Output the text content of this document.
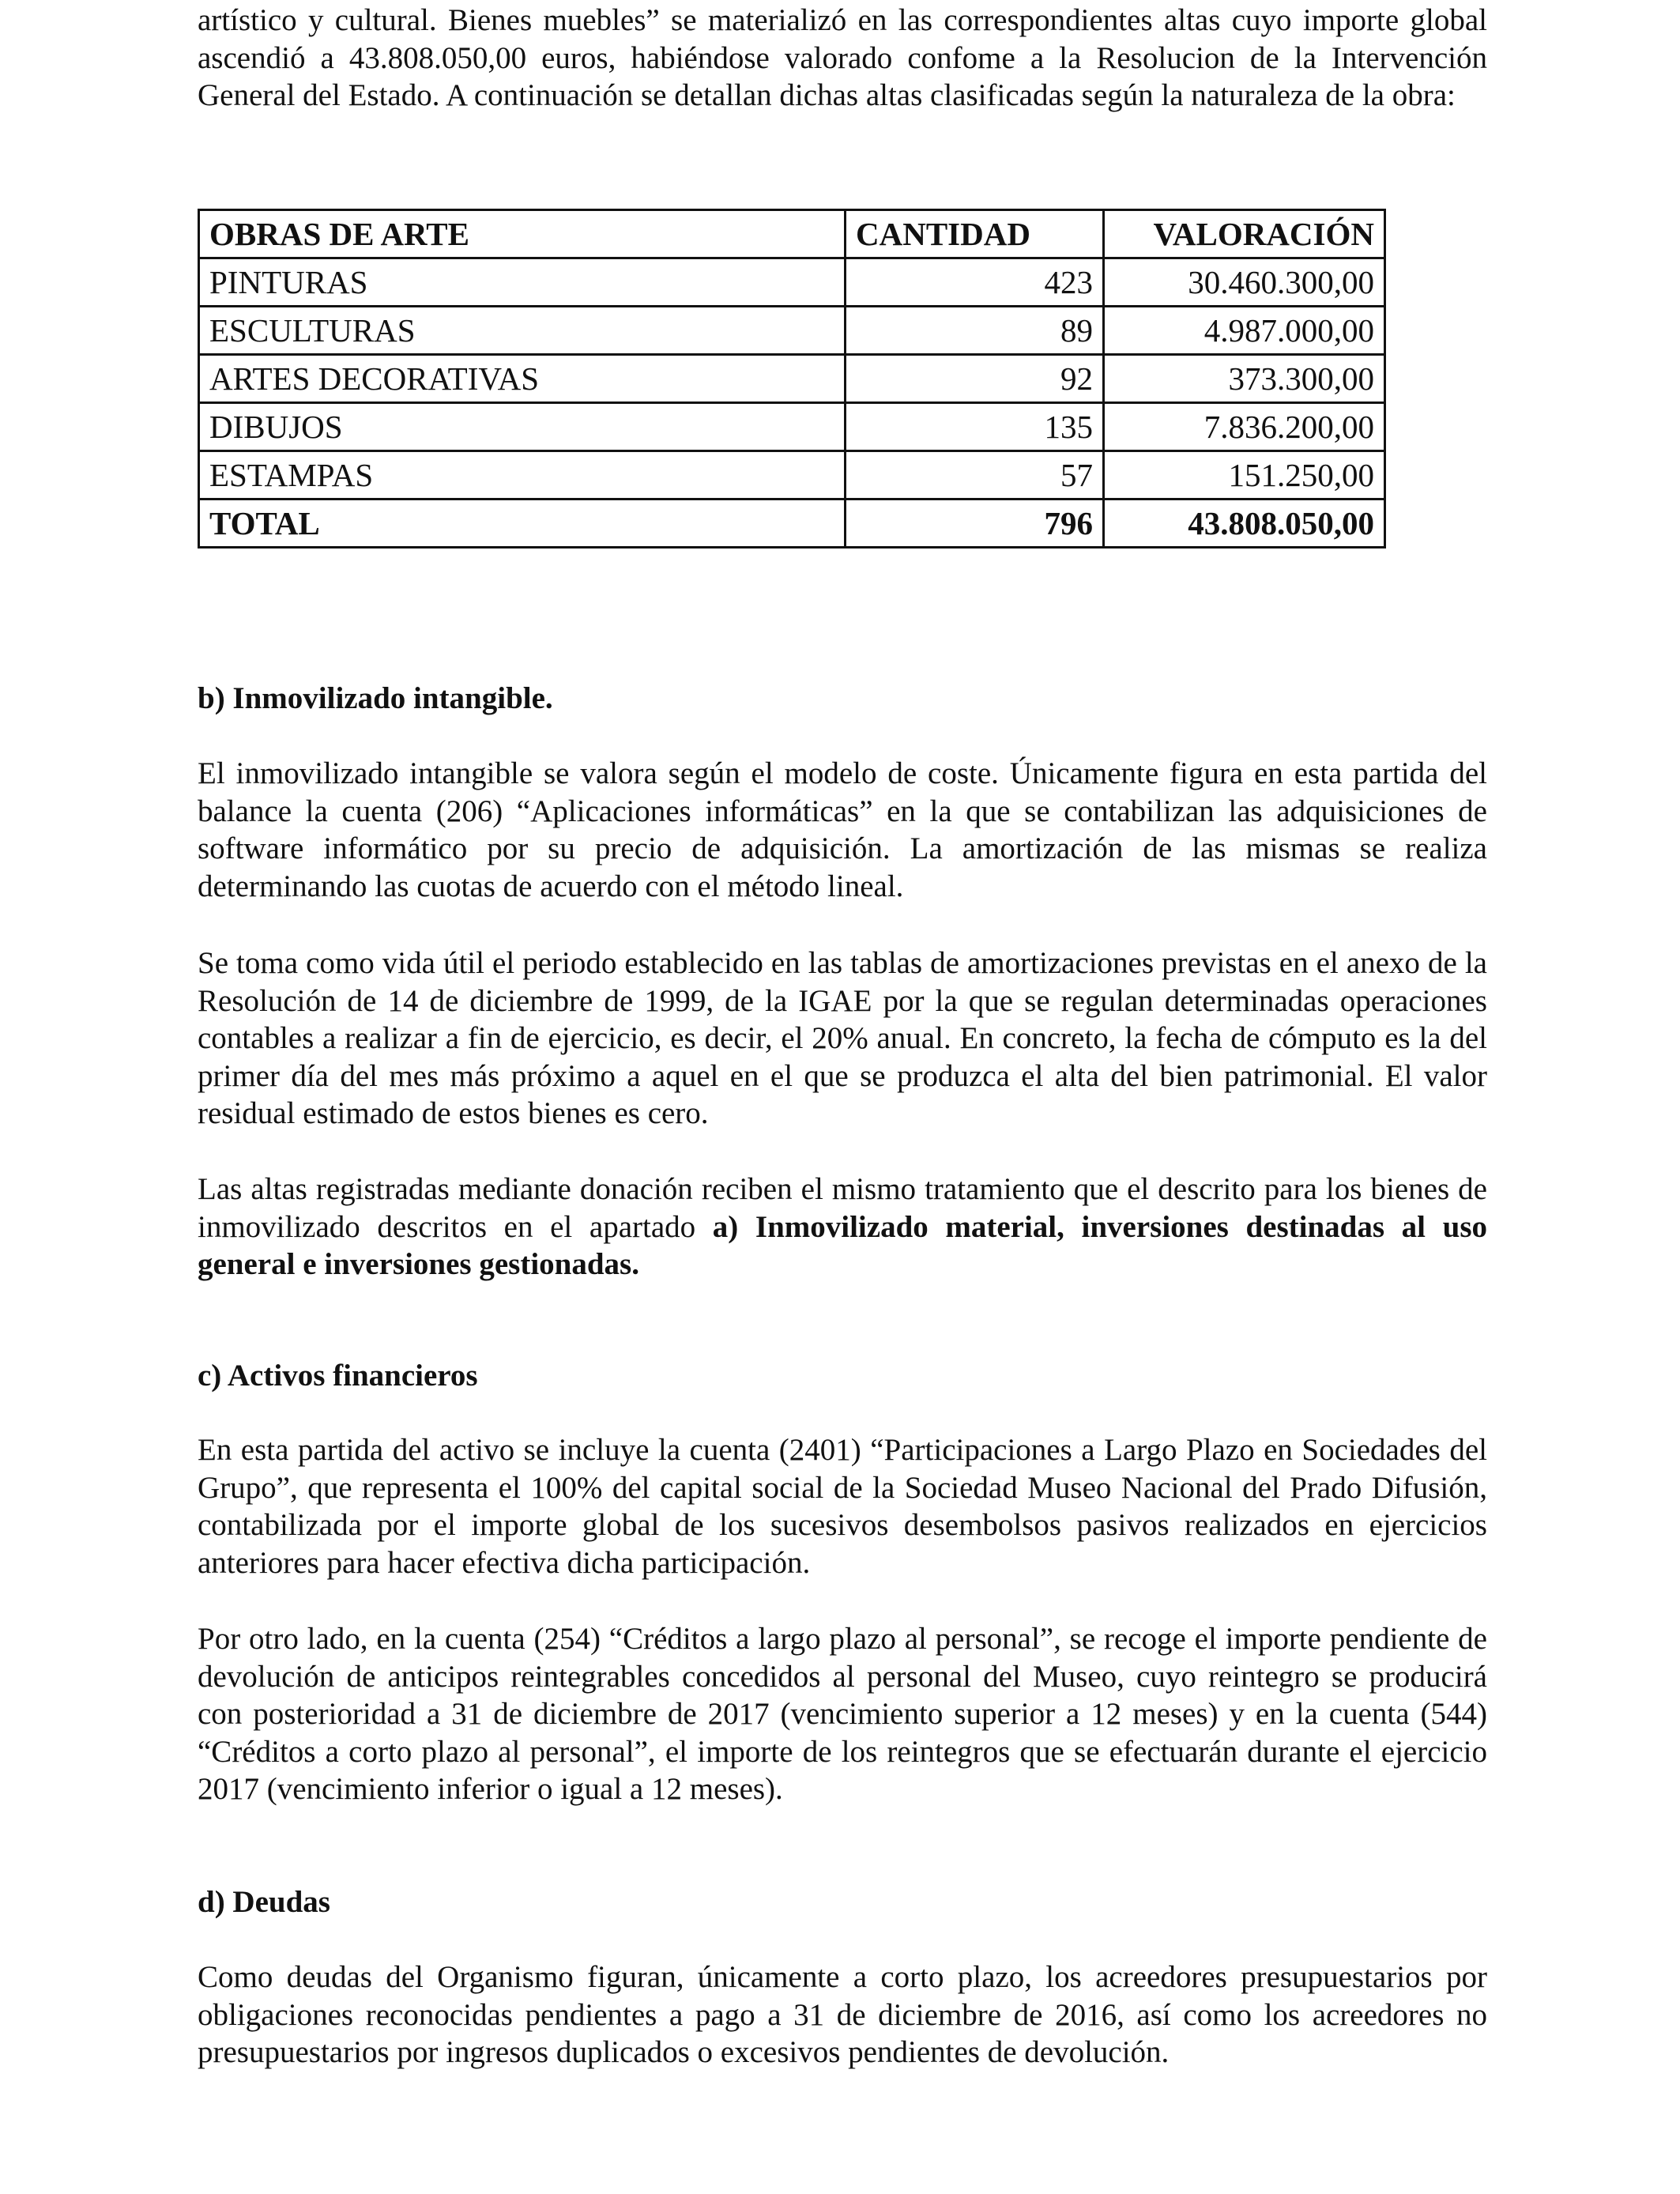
artístico y cultural. Bienes muebles” se materializó en las correspondientes altas cuyo importe global ascendió a 43.808.050,00 euros, habiéndose valorado confome a la Resolucion de la Intervención General del Estado. A continuación se detallan dichas altas clasificadas según la naturaleza de la obra:

OBRAS DE ARTE	CANTIDAD	VALORACIÓN
PINTURAS	423	30.460.300,00
ESCULTURAS	89	4.987.000,00
ARTES DECORATIVAS	92	373.300,00
DIBUJOS	135	7.836.200,00
ESTAMPAS	57	151.250,00
TOTAL	796	43.808.050,00
b) Inmovilizado intangible.

El inmovilizado intangible se valora según el modelo de coste. Únicamente figura en esta partida del balance la cuenta (206) “Aplicaciones informáticas” en la que se contabilizan las adquisiciones de software informático por su precio de adquisición. La amortización de las mismas se realiza determinando las cuotas de acuerdo con el método lineal.

Se toma como vida útil el periodo establecido en las tablas de amortizaciones previstas en el anexo de la Resolución de 14 de diciembre de 1999, de la IGAE por la que se regulan determinadas operaciones contables a realizar a fin de ejercicio, es decir, el 20% anual. En concreto, la fecha de cómputo es la del primer día del mes más próximo a aquel en el que se produzca el alta del bien patrimonial. El valor residual estimado de estos bienes es cero.

Las altas registradas mediante donación reciben el mismo tratamiento que el descrito para los bienes de inmovilizado descritos en el apartado a) Inmovilizado material, inversiones destinadas al uso general e inversiones gestionadas.

c) Activos financieros

En esta partida del activo se incluye la cuenta (2401) “Participaciones a Largo Plazo en Sociedades del Grupo”, que representa el 100% del capital social de la Sociedad Museo Nacional del Prado Difusión, contabilizada por el importe global de los sucesivos desembolsos pasivos realizados en ejercicios anteriores para hacer efectiva dicha participación.

Por otro lado, en la cuenta (254) “Créditos a largo plazo al personal”, se recoge el importe pendiente de devolución de anticipos reintegrables concedidos al personal del Museo, cuyo reintegro se producirá con posterioridad a 31 de diciembre de 2017 (vencimiento superior a 12 meses) y en la cuenta (544) “Créditos a corto plazo al personal”, el importe de los reintegros que se efectuarán durante el ejercicio 2017 (vencimiento inferior o igual a 12 meses).

d) Deudas

Como deudas del Organismo figuran, únicamente a corto plazo, los acreedores presupuestarios por obligaciones reconocidas pendientes a pago a 31 de diciembre de 2016, así como los acreedores no presupuestarios por ingresos duplicados o excesivos pendientes de devolución.
